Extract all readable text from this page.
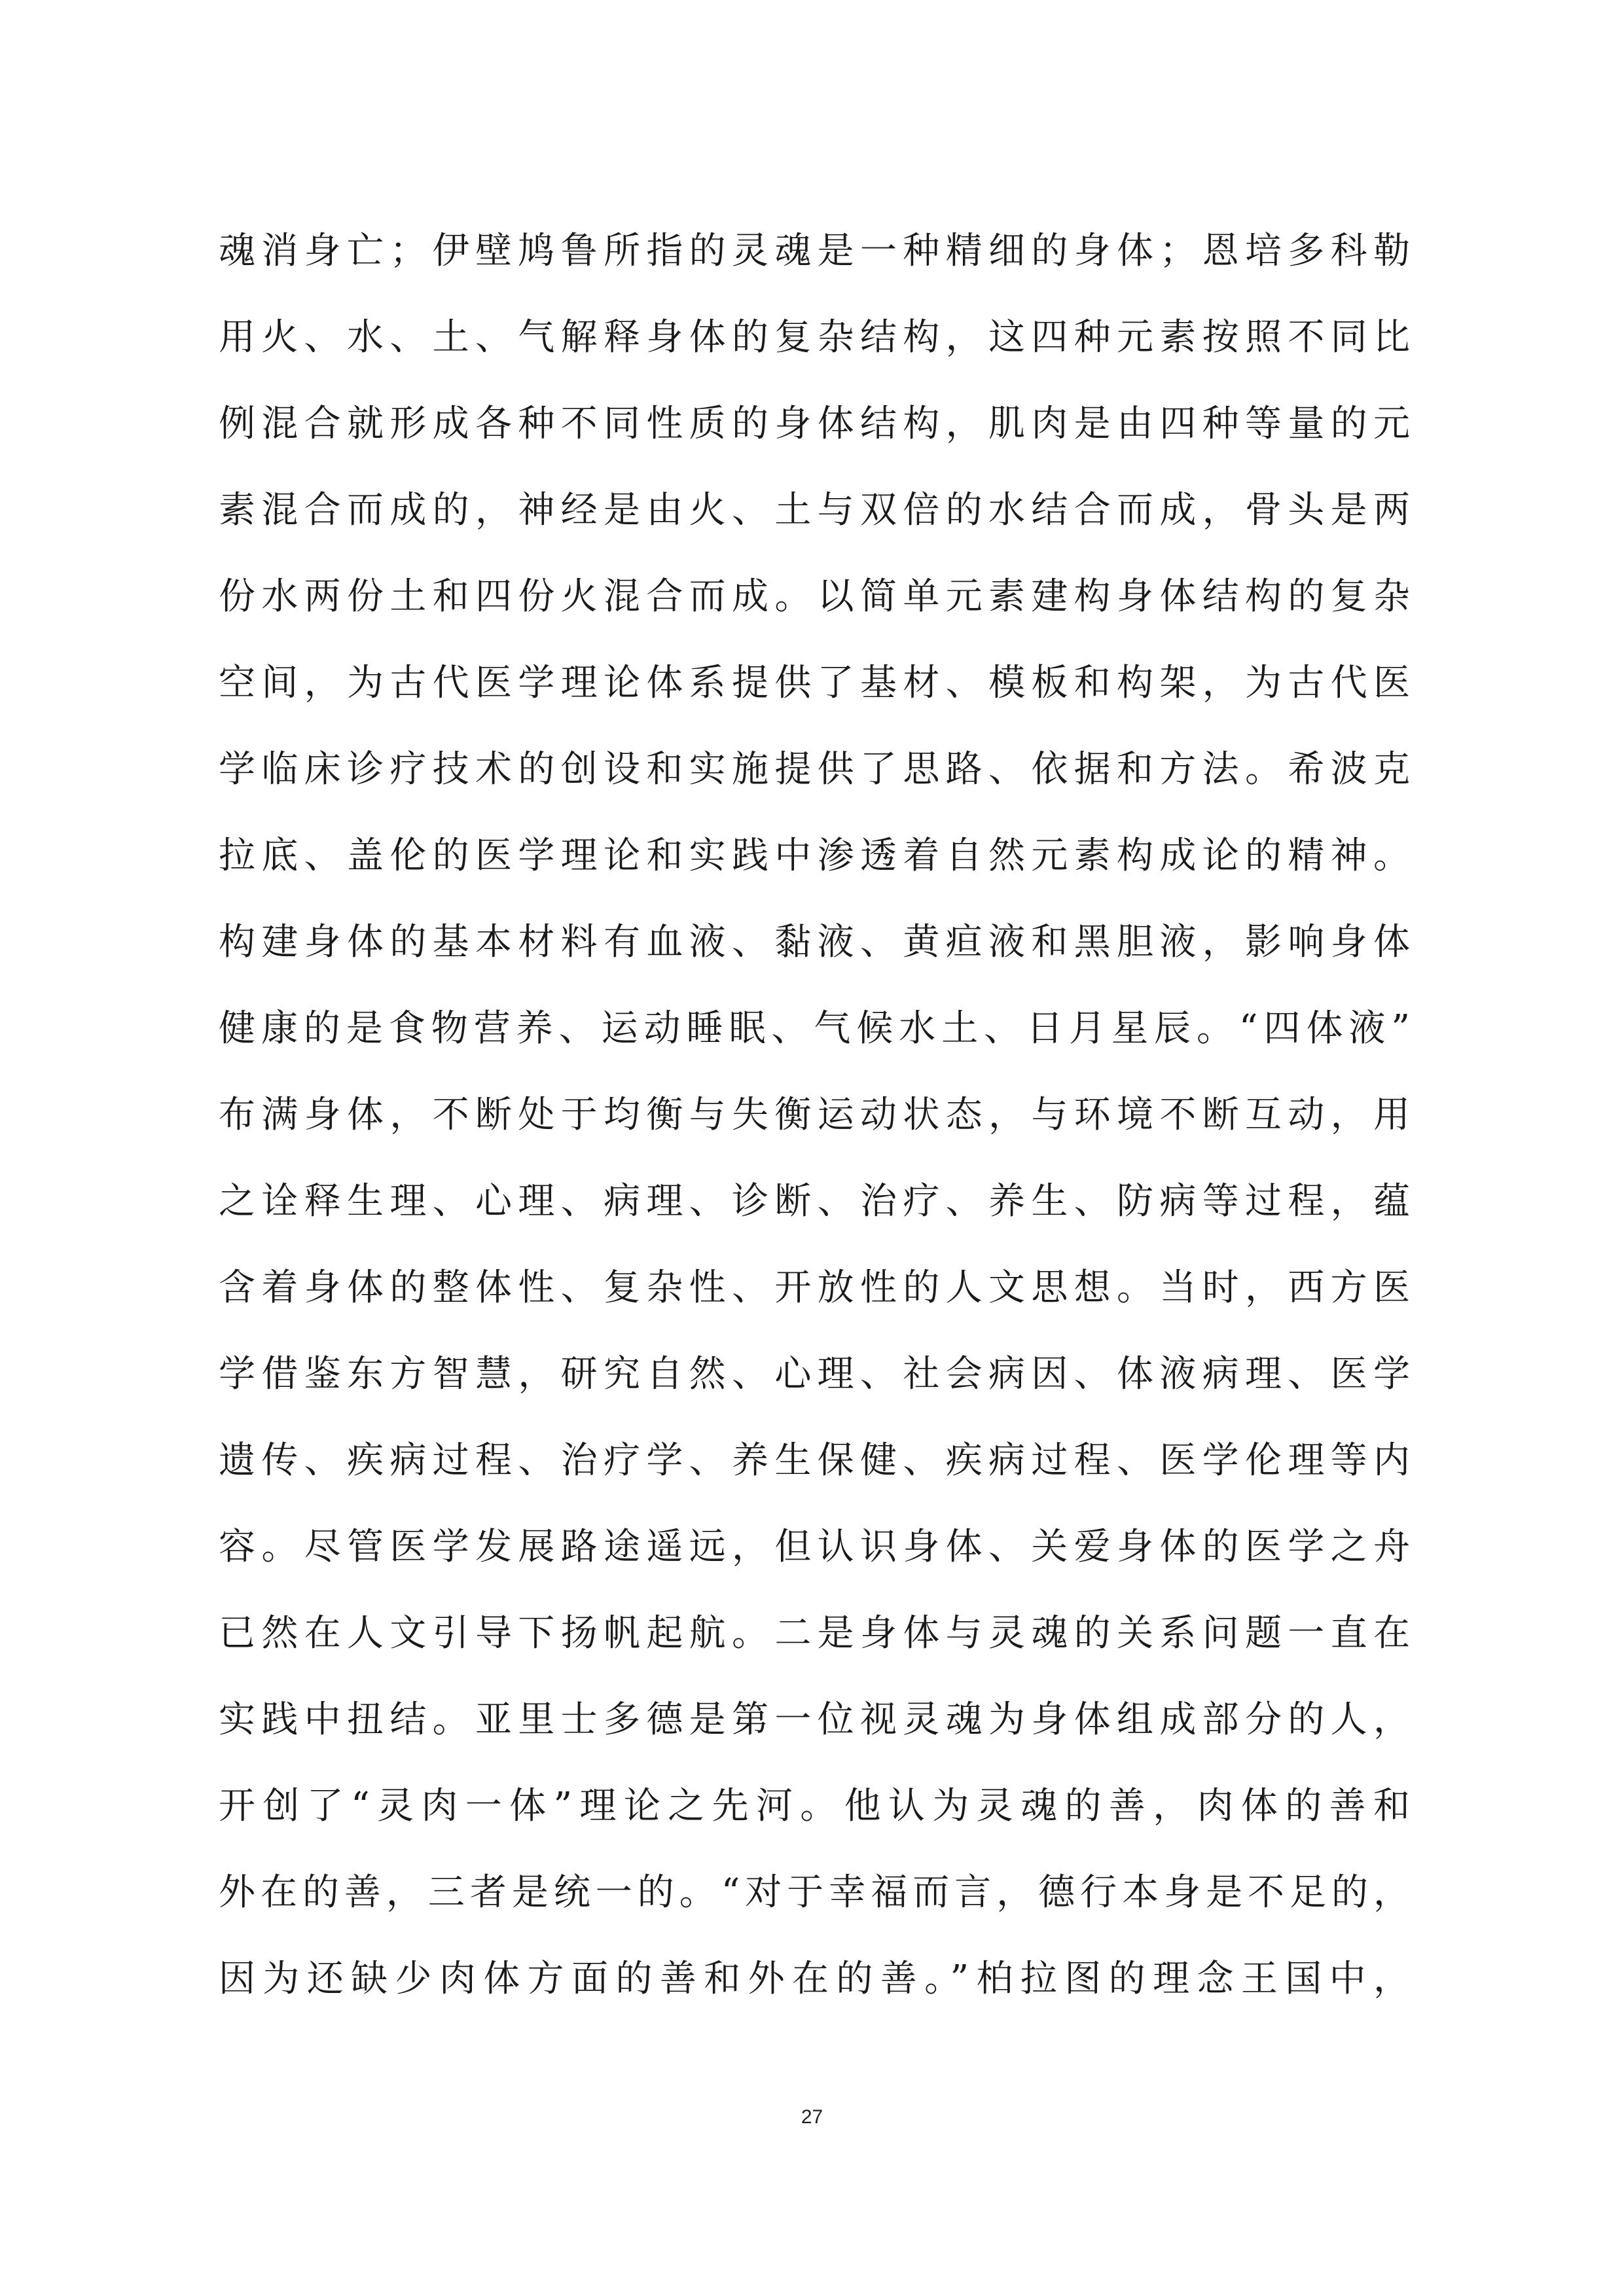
魂消身亡；伊壁鸠鲁所指的灵魂是一种精细的身体；恩培多科勒
用火、水、土、气解释身体的复杂结构，这四种元素按照不同比
例混合就形成各种不同性质的身体结构，肌肉是由四种等量的元
素混合而成的，神经是由火、土与双倍的水结合而成，骨头是两
份水两份土和四份火混合而成。以简单元素建构身体结构的复杂
空间，为古代医学理论体系提供了基材、模板和构架，为古代医
学临床诊疗技术的创设和实施提供了思路、依据和方法。希波克
拉底、盖伦的医学理论和实践中渗透着自然元素构成论的精神。
构建身体的基本材料有血液、黏液、黄疸液和黑胆液，影响身体
健康的是食物营养、运动睡眠、气候水土、日月星辰。“四体液”
布满身体，不断处于均衡与失衡运动状态，与环境不断互动，用
之诠释生理、心理、病理、诊断、治疗、养生、防病等过程，蕴
含着身体的整体性、复杂性、开放性的人文思想。当时，西方医
学借鉴东方智慧，研究自然、心理、社会病因、体液病理、医学
遗传、疾病过程、治疗学、养生保健、疾病过程、医学伦理等内
容。尽管医学发展路途遥远，但认识身体、关爱身体的医学之舟
已然在人文引导下扬帆起航。二是身体与灵魂的关系问题一直在
实践中扭结。亚里士多德是第一位视灵魂为身体组成部分的人，
开创了“灵肉一体”理论之先河。他认为灵魂的善，肉体的善和
外在的善，三者是统一的。“对于幸福而言，德行本身是不足的，
因为还缺少肉体方面的善和外在的善。”柏拉图的理念王国中，
27
